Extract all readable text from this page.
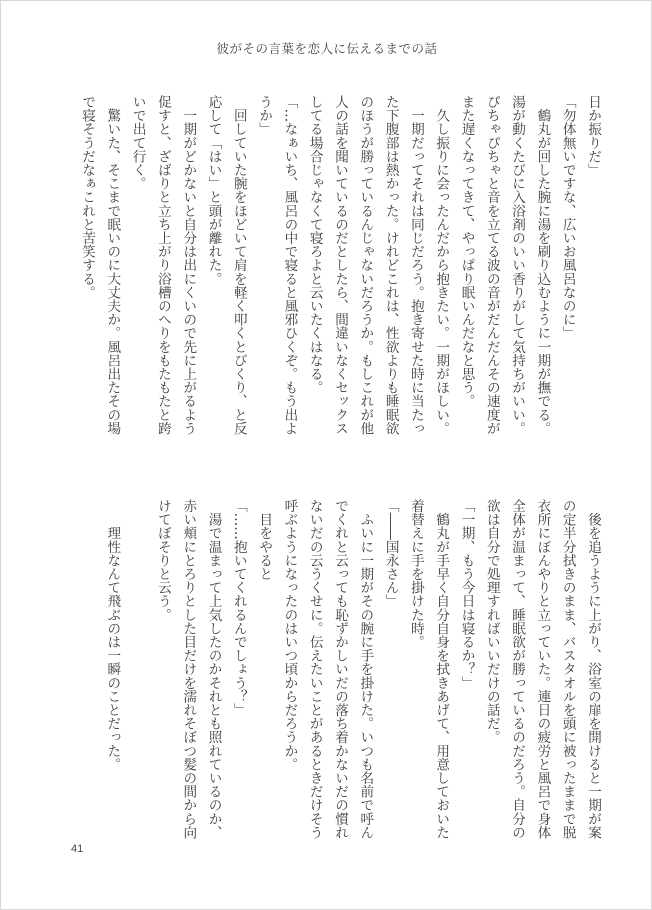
彼がその言葉を恋人に伝えるまでの話
日か振りだ」
「勿体無いですな、広いお風呂なのに」
　鶴丸が回した腕に湯を刷り込むように一期が撫でる。
湯が動くたびに入浴剤のいい香りがして気持ちがいい。
ぴちゃぴちゃと音を立てる波の音がだんだんその速度が
また遅くなってきて、やっぱり眠いんだなと思う。
　久し振りに会ったんだから抱きたい。一期がほしい。
　一期だってそれは同じだろう。抱き寄せた時に当たっ
た下腹部は熱かった。けれどこれは、性欲よりも睡眠欲
のほうが勝っているんじゃないだろうか。もしこれが他
人の話を聞いているのだとしたら、間違いなくセックス
してる場合じゃなくて寝ろよと云いたくはなる。
「…なぁいち、風呂の中で寝ると風邪ひくぞ。もう出よ
うか」
　回していた腕をほどいて肩を軽く叩くとびくり、と反
応して「はい」と頭が離れた。
　一期がどかないと自分は出にくいので先に上がるよう
促すと、ざばりと立ち上がり浴槽のへりをもたもたと跨
いで出て行く。
　驚いた、そこまで眠いのに大丈夫か。風呂出たその場
で寝そうだなぁこれと苦笑する。
　後を追うように上がり、浴室の扉を開けると一期が案
の定半分拭きのまま、バスタオルを頭に被ったままで脱
衣所にぼんやりと立っていた。連日の疲労と風呂で身体
全体が温まって、睡眠欲が勝っているのだろう。自分の
欲は自分で処理すればいいだけの話だ。
「一期、もう今日は寝るか？」
　鶴丸が手早く自分自身を拭きあげて、用意しておいた
着替えに手を掛けた時。
「――国永さん」
　ふいに一期がその腕に手を掛けた。いつも名前で呼ん
でくれと云っても恥ずかしいだの落ち着かないだの慣れ
ないだの云うくせに。伝えたいことがあるときだけそう
呼ぶようになったのはいつ頃からだろうか。
　目をやると
「……抱いてくれるんでしょう？」
　湯で温まって上気したのかそれとも照れているのか、
赤い頬にとろりとした目だけを濡れそぼつ髪の間から向
けてぼそりと云う。

　　理性なんて飛ぶのは一瞬のことだった。
41
